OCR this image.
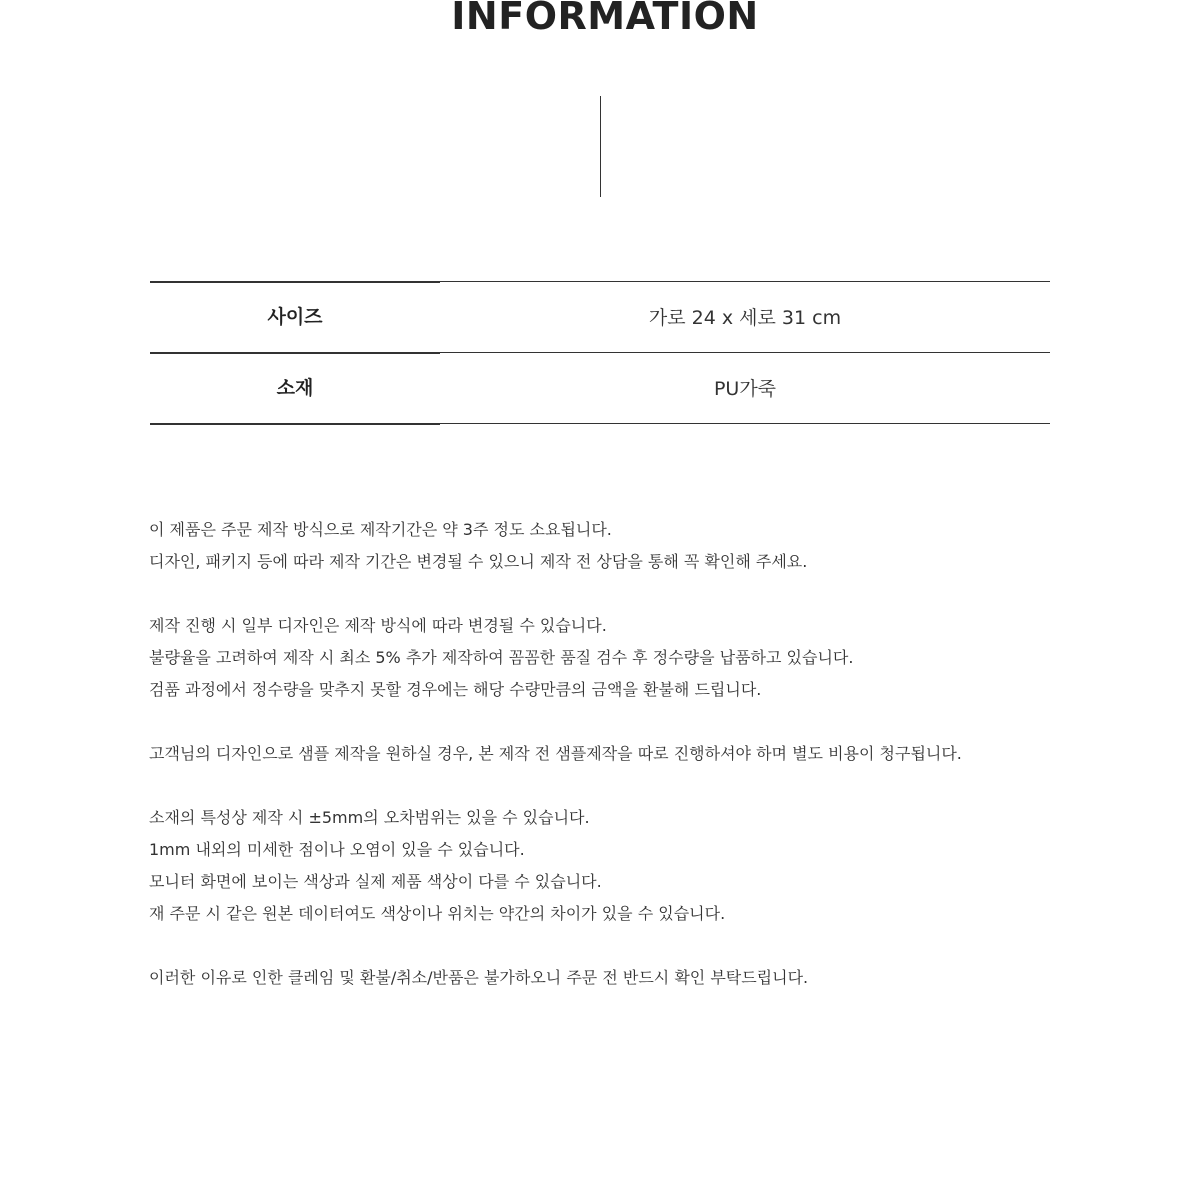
INFORMATION
사이즈	가로 24 x 세로 31 cm
소재	PU가죽

이 제품은 주문 제작 방식으로 제작기간은 약 3주 정도 소요됩니다.

디자인, 패키지 등에 따라 제작 기간은 변경될 수 있으니 제작 전 상담을 통해 꼭 확인해 주세요.

제작 진행 시 일부 디자인은 제작 방식에 따라 변경될 수 있습니다.

불량율을 고려하여 제작 시 최소 5% 추가 제작하여 꼼꼼한 품질 검수 후 정수량을 납품하고 있습니다.

검품 과정에서 정수량을 맞추지 못할 경우에는 해당 수량만큼의 금액을 환불해 드립니다.

고객님의 디자인으로 샘플 제작을 원하실 경우, 본 제작 전 샘플제작을 따로 진행하셔야 하며 별도 비용이 청구됩니다.

소재의 특성상 제작 시 ±5mm의 오차범위는 있을 수 있습니다.

1mm 내외의 미세한 점이나 오염이 있을 수 있습니다.

모니터 화면에 보이는 색상과 실제 제품 색상이 다를 수 있습니다.

재 주문 시 같은 원본 데이터여도 색상이나 위치는 약간의 차이가 있을 수 있습니다.

이러한 이유로 인한 클레임 및 환불/취소/반품은 불가하오니 주문 전 반드시 확인 부탁드립니다.
